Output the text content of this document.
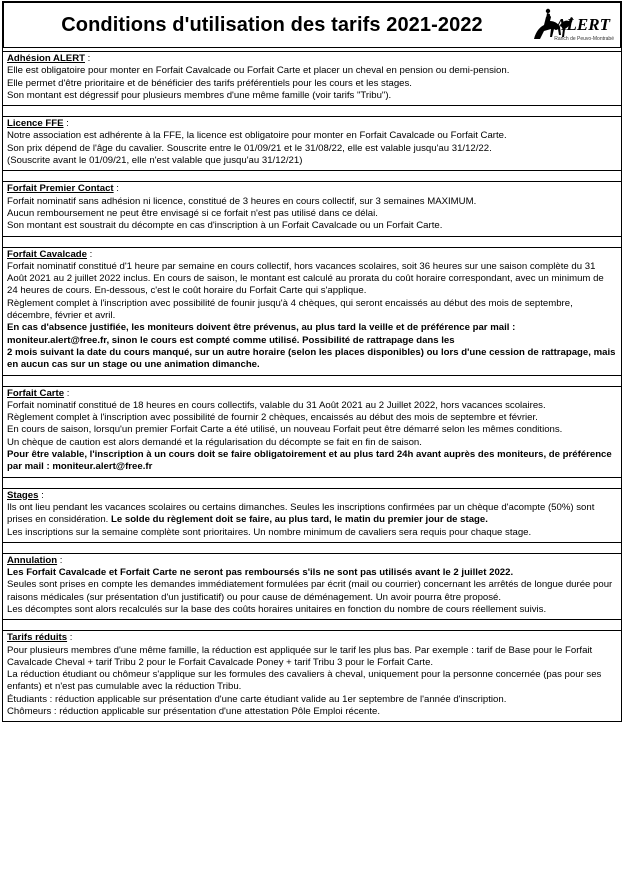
Conditions d'utilisation des tarifs 2021-2022	ALERT
Ranch de Peuvo-Montrabé
Adhésion ALERT :
Elle est obligatoire pour monter en Forfait Cavalcade ou Forfait Carte et placer un cheval en pension ou demi-pension.
Elle permet d'être prioritaire et de bénéficier des tarifs préférentiels pour les cours et les stages.
Son montant est dégressif pour plusieurs membres d'une même famille (voir tarifs "Tribu").
Licence FFE :
Notre association est adhérente à la FFE, la licence est obligatoire pour monter en Forfait Cavalcade ou Forfait Carte.
Son prix dépend de l'âge du cavalier. Souscrite entre le 01/09/21 et le 31/08/22, elle est valable jusqu'au 31/12/22.
(Souscrite avant le 01/09/21, elle n'est valable que jusqu'au 31/12/21)
Forfait Premier Contact :
Forfait nominatif sans adhésion ni licence, constitué de 3 heures en cours collectif, sur 3 semaines MAXIMUM.
Aucun remboursement ne peut être envisagé si ce forfait n'est pas utilisé dans ce délai.
Son montant est soustrait du décompte en cas d'inscription à un Forfait Cavalcade ou un Forfait Carte.
Forfait Cavalcade :
Forfait nominatif constitué d'1 heure par semaine en cours collectif, hors vacances scolaires, soit 36 heures sur une saison complète du 31 Août 2021 au 2 juillet 2022 inclus. En cours de saison, le montant est calculé au prorata du coût horaire correspondant, avec un minimum de 24 heures de cours. En-dessous, c'est le coût horaire du Forfait Carte qui s'applique.
Règlement complet à l'inscription avec possibilité de founir jusqu'à 4 chèques, qui seront encaissés au début des mois de septembre, décembre, février et avril.
En cas d'absence justifiée, les moniteurs doivent être prévenus, au plus tard la veille et de préférence par mail : moniteur.alert@free.fr, sinon le cours est compté comme utilisé. Possibilité de rattrapage dans les
2 mois suivant la date du cours manqué, sur un autre horaire (selon les places disponibles) ou lors d'une cession de rattrapage, mais en aucun cas sur un stage ou une animation dimanche.
Forfait Carte :
Forfait nominatif constitué de 18 heures en cours collectifs, valable du 31 Août 2021 au 2 Juillet 2022, hors vacances scolaires.
Règlement complet à l'inscription avec possibilité de fournir 2 chèques, encaissés au début des mois de septembre et février.
En cours de saison, lorsqu'un premier Forfait Carte a été utilisé, un nouveau Forfait peut être démarré selon les mêmes conditions.
Un chèque de caution est alors demandé et la régularisation du décompte se fait en fin de saison.
Pour être valable, l'inscription à un cours doit se faire obligatoirement et au plus tard 24h avant auprès des moniteurs, de préférence par mail : moniteur.alert@free.fr
Stages :
Ils ont lieu pendant les vacances scolaires ou certains dimanches. Seules les inscriptions confirmées par un chèque d'acompte (50%) sont prises en considération. Le solde du règlement doit se faire, au plus tard, le matin du premier jour de stage.
Les inscriptions sur la semaine complète sont prioritaires. Un nombre minimum de cavaliers sera requis pour chaque stage.
Annulation :
Les Forfait Cavalcade et Forfait Carte ne seront pas remboursés s'ils ne sont pas utilisés avant le 2 juillet 2022.
Seules sont prises en compte les demandes immédiatement formulées par écrit (mail ou courrier) concernant les arrêtés de longue durée pour raisons médicales (sur présentation d'un justificatif) ou pour cause de déménagement. Un avoir pourra être proposé.
Les décomptes sont alors recalculés sur la base des coûts horaires unitaires en fonction du nombre de cours réellement suivis.
Tarifs réduits :
Pour plusieurs membres d'une même famille, la réduction est appliquée sur le tarif les plus bas. Par exemple : tarif de Base pour le Forfait Cavalcade Cheval + tarif Tribu 2 pour le Forfait Cavalcade Poney + tarif Tribu 3 pour le Forfait Carte.
La réduction étudiant ou chômeur s'applique sur les formules des cavaliers à cheval, uniquement pour la personne concernée (pas pour ses enfants) et n'est pas cumulable avec la réduction Tribu.
Étudiants : réduction applicable sur présentation d'une carte étudiant valide au 1er septembre de l'année d'inscription.
Chômeurs : réduction applicable sur présentation d'une attestation Pôle Emploi récente.
